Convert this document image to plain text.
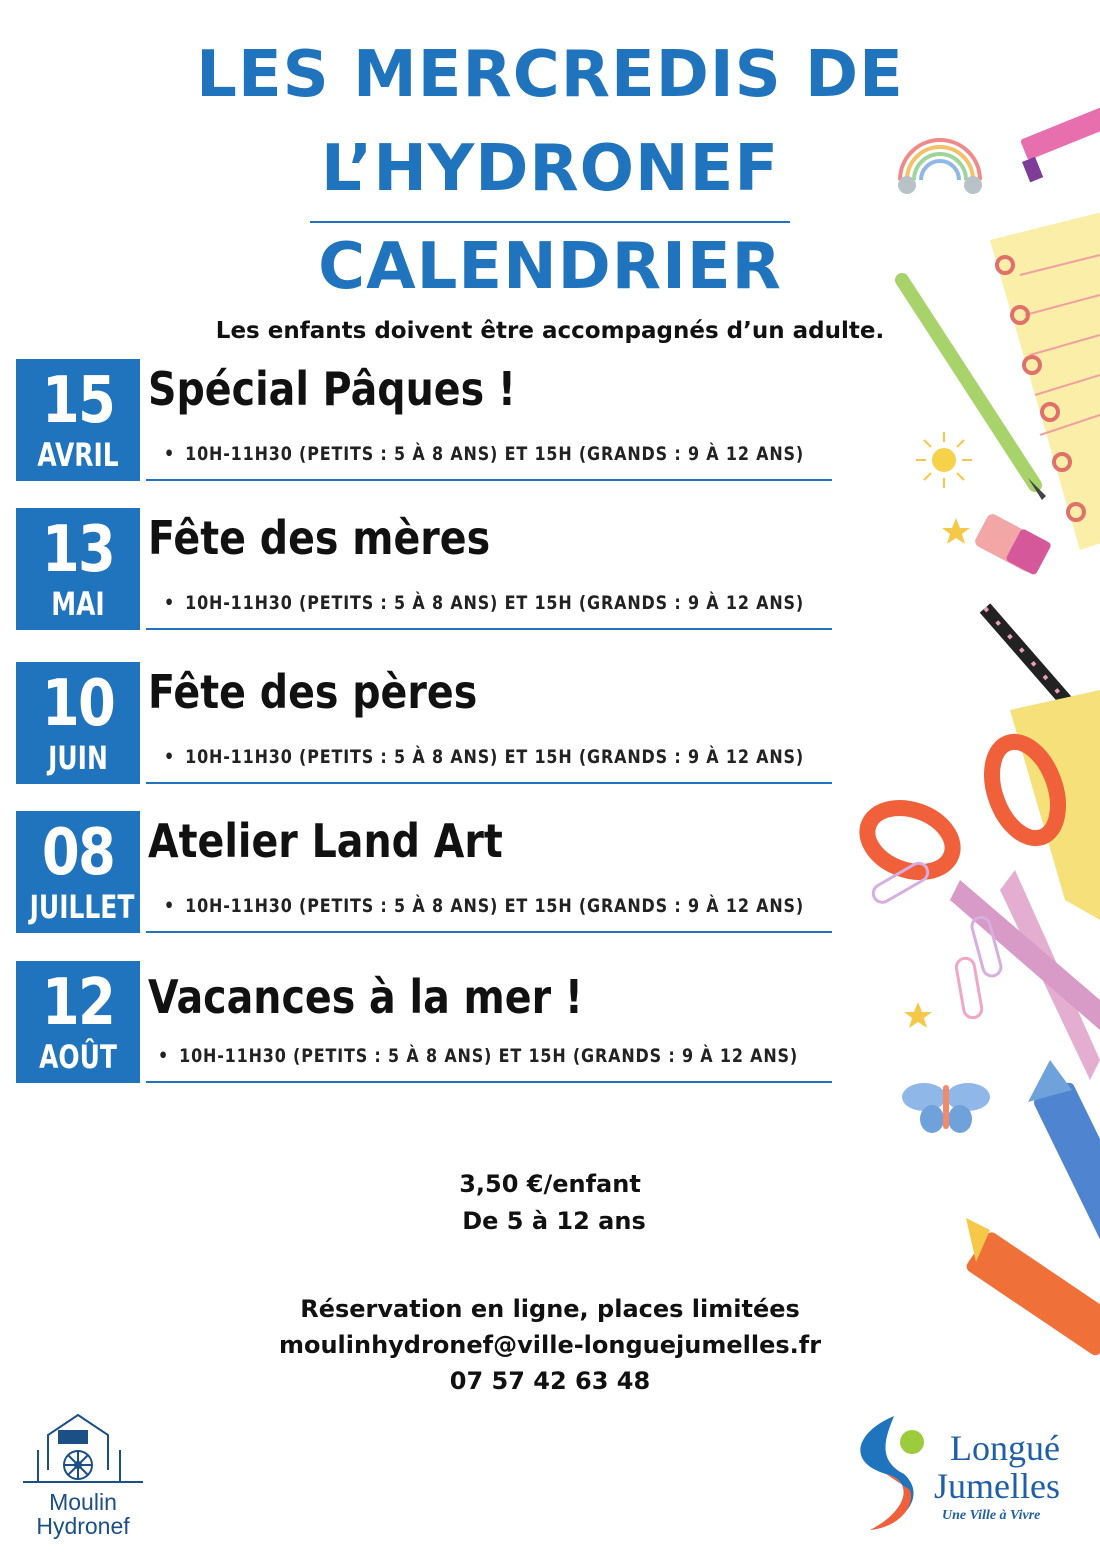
LES MERCREDIS DE
L’HYDRONEF
CALENDRIER
Les enfants doivent être accompagnés d’un adulte.
15
AVRIL
Spécial Pâques !
• 10H-11H30 (PETITS : 5 À 8 ANS) ET 15H (GRANDS : 9 À 12 ANS)
13
MAI
Fête des mères
• 10H-11H30 (PETITS : 5 À 8 ANS) ET 15H (GRANDS : 9 À 12 ANS)
10
JUIN
Fête des pères
• 10H-11H30 (PETITS : 5 À 8 ANS) ET 15H (GRANDS : 9 À 12 ANS)
08
JUILLET
Atelier Land Art
• 10H-11H30 (PETITS : 5 À 8 ANS) ET 15H (GRANDS : 9 À 12 ANS)
12
AOÛT
Vacances à la mer !
• 10H-11H30 (PETITS : 5 À 8 ANS) ET 15H (GRANDS : 9 À 12 ANS)
3,50 €/enfant
De 5 à 12 ans
Réservation en ligne, places limitées
moulinhydronef@ville-longuejumelles.fr
07 57 42 63 48
Moulin
Hydronef
Longué
Jumelles
Une Ville à Vivre
